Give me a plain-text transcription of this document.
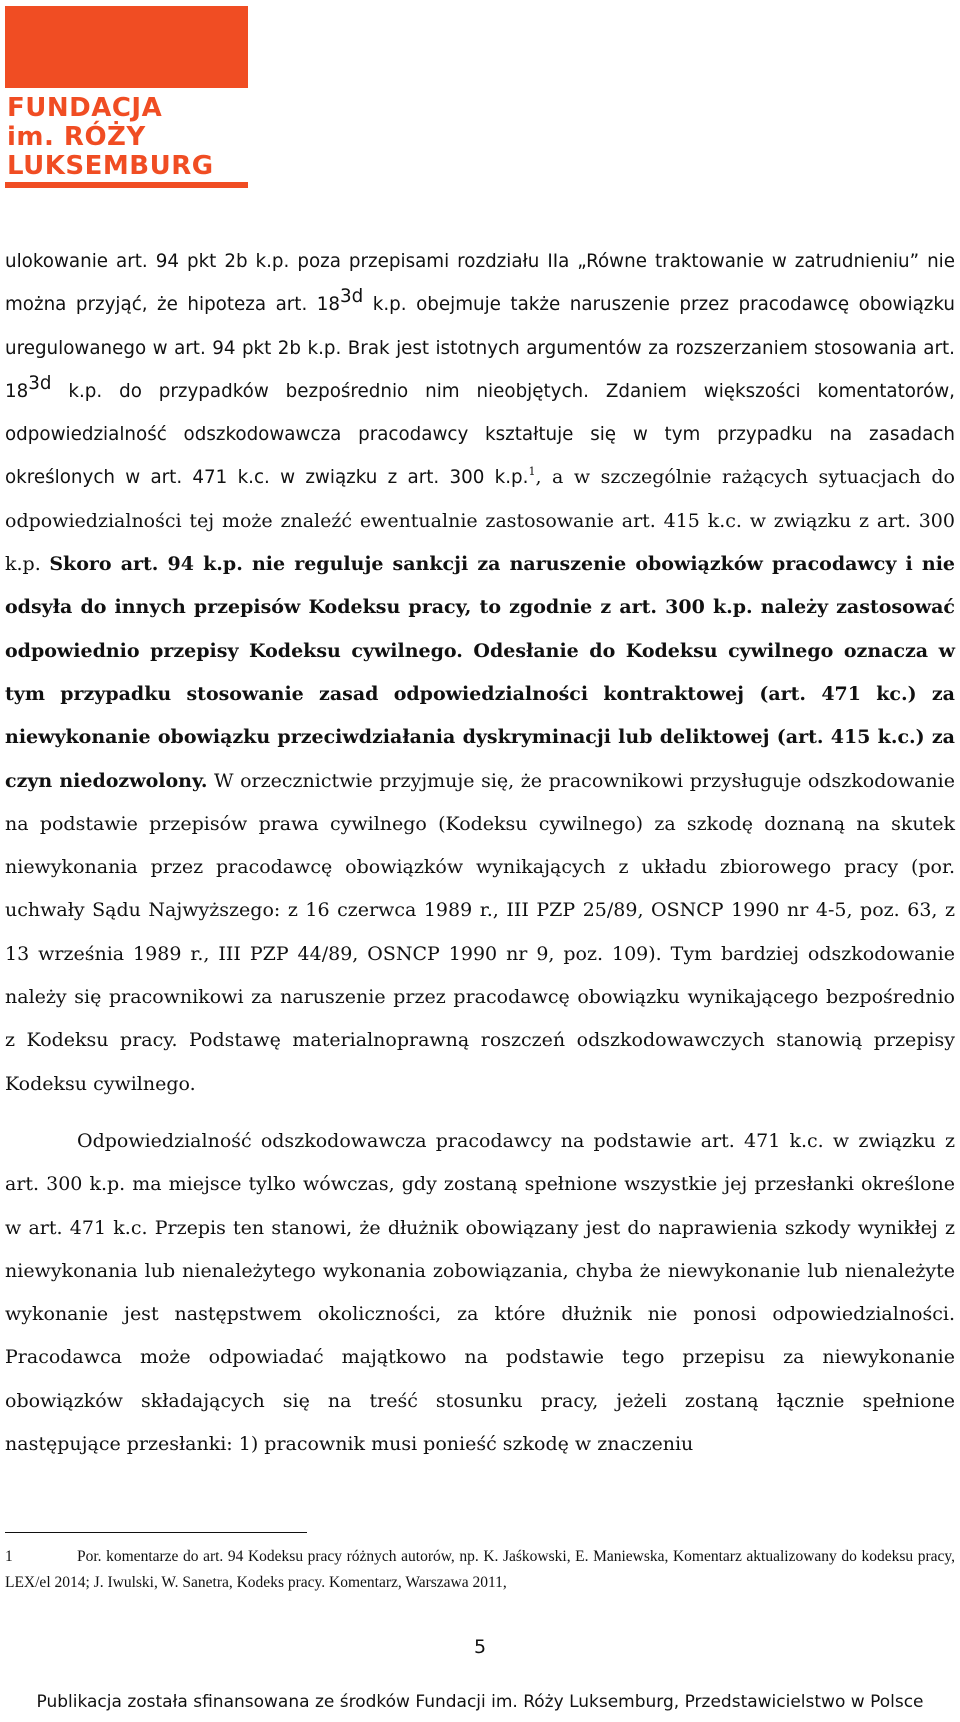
FUNDACJA
im. RÓŻY
LUKSEMBURG

ulokowanie art. 94 pkt 2b k.p. poza przepisami rozdziału IIa „Równe traktowanie w zatrudnieniu” nie można przyjąć, że hipoteza art. $18^{3d}$ k.p. obejmuje także naruszenie przez pracodawcę obowiązku uregulowanego w art. 94 pkt 2b k.p. Brak jest istotnych argumentów za rozszerzaniem stosowania art. $18^{3d}$ k.p. do przypadków bezpośrednio nim nieobjętych. Zdaniem większości komentatorów, odpowiedzialność odszkodowawcza pracodawcy kształtuje się w tym przypadku na zasadach określonych w art. 471 k.c. w związku z art. 300 k.p.$^1$, a w szczególnie rażących sytuacjach do odpowiedzialności tej może znaleźć ewentualnie zastosowanie art. 415 k.c. w związku z art. 300 k.p. Skoro art. 94 k.p. nie reguluje sankcji za naruszenie obowiązków pracodawcy i nie odsyła do innych przepisów Kodeksu pracy, to zgodnie z art. 300 k.p. należy zastosować odpowiednio przepisy Kodeksu cywilnego. Odesłanie do Kodeksu cywilnego oznacza w tym przypadku stosowanie zasad odpowiedzialności kontraktowej (art. 471 kc.) za niewykonanie obowiązku przeciwdziałania dyskryminacji lub deliktowej (art. 415 k.c.) za czyn niedozwolony. W orzecznictwie przyjmuje się, że pracownikowi przysługuje odszkodowanie na podstawie przepisów prawa cywilnego (Kodeksu cywilnego) za szkodę doznaną na skutek niewykonania przez pracodawcę obowiązków wynikających z układu zbiorowego pracy (por. uchwały Sądu Najwyższego: z 16 czerwca 1989 r., III PZP 25/89, OSNCP 1990 nr 4-5, poz. 63, z 13 września 1989 r., III PZP 44/89, OSNCP 1990 nr 9, poz. 109). Tym bardziej odszkodowanie należy się pracownikowi za naruszenie przez pracodawcę obowiązku wynikającego bezpośrednio z Kodeksu pracy. Podstawę materialnoprawną roszczeń odszkodowawczych stanowią przepisy Kodeksu cywilnego.

Odpowiedzialność odszkodowawcza pracodawcy na podstawie art. 471 k.c. w związku z art. 300 k.p. ma miejsce tylko wówczas, gdy zostaną spełnione wszystkie jej przesłanki określone w art. 471 k.c. Przepis ten stanowi, że dłużnik obowiązany jest do naprawienia szkody wynikłej z niewykonania lub nienależytego wykonania zobowiązania, chyba że niewykonanie lub nienależyte wykonanie jest następstwem okoliczności, za które dłużnik nie ponosi odpowiedzialności. Pracodawca może odpowiadać majątkowo na podstawie tego przepisu za niewykonanie obowiązków składających się na treść stosunku pracy, jeżeli zostaną łącznie spełnione następujące przesłanki: 1) pracownik musi ponieść szkodę w znaczeniu

1	Por. komentarze do art. 94 Kodeksu pracy różnych autorów, np. K. Jaśkowski, E. Maniewska, Komentarz aktualizowany do kodeksu pracy, LEX/el 2014; J. Iwulski, W. Sanetra, Kodeks pracy. Komentarz, Warszawa 2011,
5
Publikacja została sfinansowana ze środków Fundacji im. Róży Luksemburg, Przedstawicielstwo w Polsce
